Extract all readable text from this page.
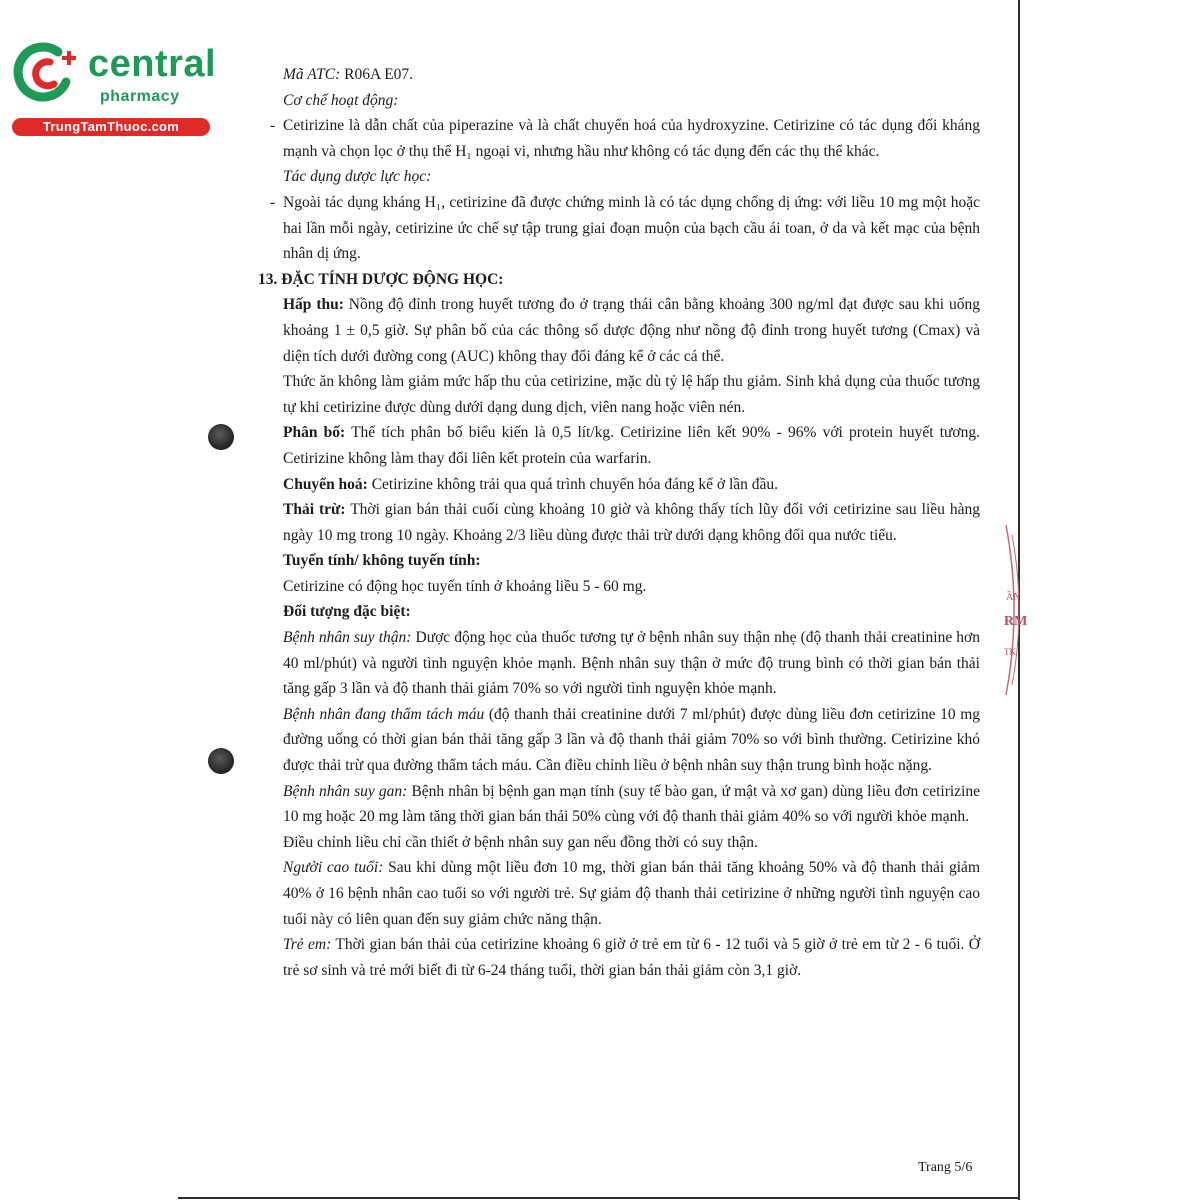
central
pharmacy
TrungTamThuoc.com
RM
ẦN
TK

Mã ATC: R06A E07.

Cơ chế hoạt động:

- Cetirizine là dẫn chất của piperazine và là chất chuyển hoá của hydroxyzine. Cetirizine có tác dụng đối kháng mạnh và chọn lọc ở thụ thể H₁ ngoại vi, nhưng hầu như không có tác dụng đến các thụ thể khác.

Tác dụng dược lực học:

- Ngoài tác dụng kháng H₁, cetirizine đã được chứng minh là có tác dụng chống dị ứng: với liều 10 mg một hoặc hai lần mỗi ngày, cetirizine ức chế sự tập trung giai đoạn muộn của bạch cầu ái toan, ở da và kết mạc của bệnh nhân dị ứng.

13. ĐẶC TÍNH DƯỢC ĐỘNG HỌC:

Hấp thu: Nồng độ đỉnh trong huyết tương đo ở trạng thái cân bằng khoảng 300 ng/ml đạt được sau khi uống khoảng 1 ± 0,5 giờ. Sự phân bố của các thông số dược động như nồng độ đỉnh trong huyết tương (Cmax) và diện tích dưới đường cong (AUC) không thay đổi đáng kể ở các cá thể.

Thức ăn không làm giảm mức hấp thu của cetirizine, mặc dù tỷ lệ hấp thu giảm. Sinh khả dụng của thuốc tương tự khi cetirizine được dùng dưới dạng dung dịch, viên nang hoặc viên nén.

Phân bố: Thể tích phân bố biểu kiến là 0,5 lít/kg. Cetirizine liên kết 90% - 96% với protein huyết tương. Cetirizine không làm thay đổi liên kết protein của warfarin.

Chuyển hoá: Cetirizine không trải qua quá trình chuyển hóa đáng kể ở lần đầu.

Thải trừ: Thời gian bán thải cuối cùng khoảng 10 giờ và không thấy tích lũy đối với cetirizine sau liều hàng ngày 10 mg trong 10 ngày. Khoảng 2/3 liều dùng được thải trừ dưới dạng không đổi qua nước tiểu.

Tuyến tính/ không tuyến tính:

Cetirizine có động học tuyến tính ở khoảng liều 5 - 60 mg.

Đối tượng đặc biệt:

Bệnh nhân suy thận: Dược động học của thuốc tương tự ở bệnh nhân suy thận nhẹ (độ thanh thải creatinine hơn 40 ml/phút) và người tình nguyện khỏe mạnh. Bệnh nhân suy thận ở mức độ trung bình có thời gian bán thải tăng gấp 3 lần và độ thanh thải giảm 70% so với người tình nguyện khỏe mạnh.

Bệnh nhân đang thẩm tách máu (độ thanh thải creatinine dưới 7 ml/phút) được dùng liều đơn cetirizine 10 mg đường uống có thời gian bán thải tăng gấp 3 lần và độ thanh thải giảm 70% so với bình thường. Cetirizine khó được thải trừ qua đường thẩm tách máu. Cần điều chỉnh liều ở bệnh nhân suy thận trung bình hoặc nặng.

Bệnh nhân suy gan: Bệnh nhân bị bệnh gan mạn tính (suy tế bào gan, ứ mật và xơ gan) dùng liều đơn cetirizine 10 mg hoặc 20 mg làm tăng thời gian bán thải 50% cùng với độ thanh thải giảm 40% so với người khỏe mạnh.

Điều chỉnh liều chỉ cần thiết ở bệnh nhân suy gan nếu đồng thời có suy thận.

Người cao tuổi: Sau khi dùng một liều đơn 10 mg, thời gian bán thải tăng khoảng 50% và độ thanh thải giảm 40% ở 16 bệnh nhân cao tuổi so với người trẻ. Sự giảm độ thanh thải cetirizine ở những người tình nguyện cao tuổi này có liên quan đến suy giảm chức năng thận.

Trẻ em: Thời gian bán thải của cetirizine khoảng 6 giờ ở trẻ em từ 6 - 12 tuổi và 5 giờ ở trẻ em từ 2 - 6 tuổi. Ở trẻ sơ sinh và trẻ mới biết đi từ 6-24 tháng tuổi, thời gian bán thải giảm còn 3,1 giờ.

Trang 5/6
